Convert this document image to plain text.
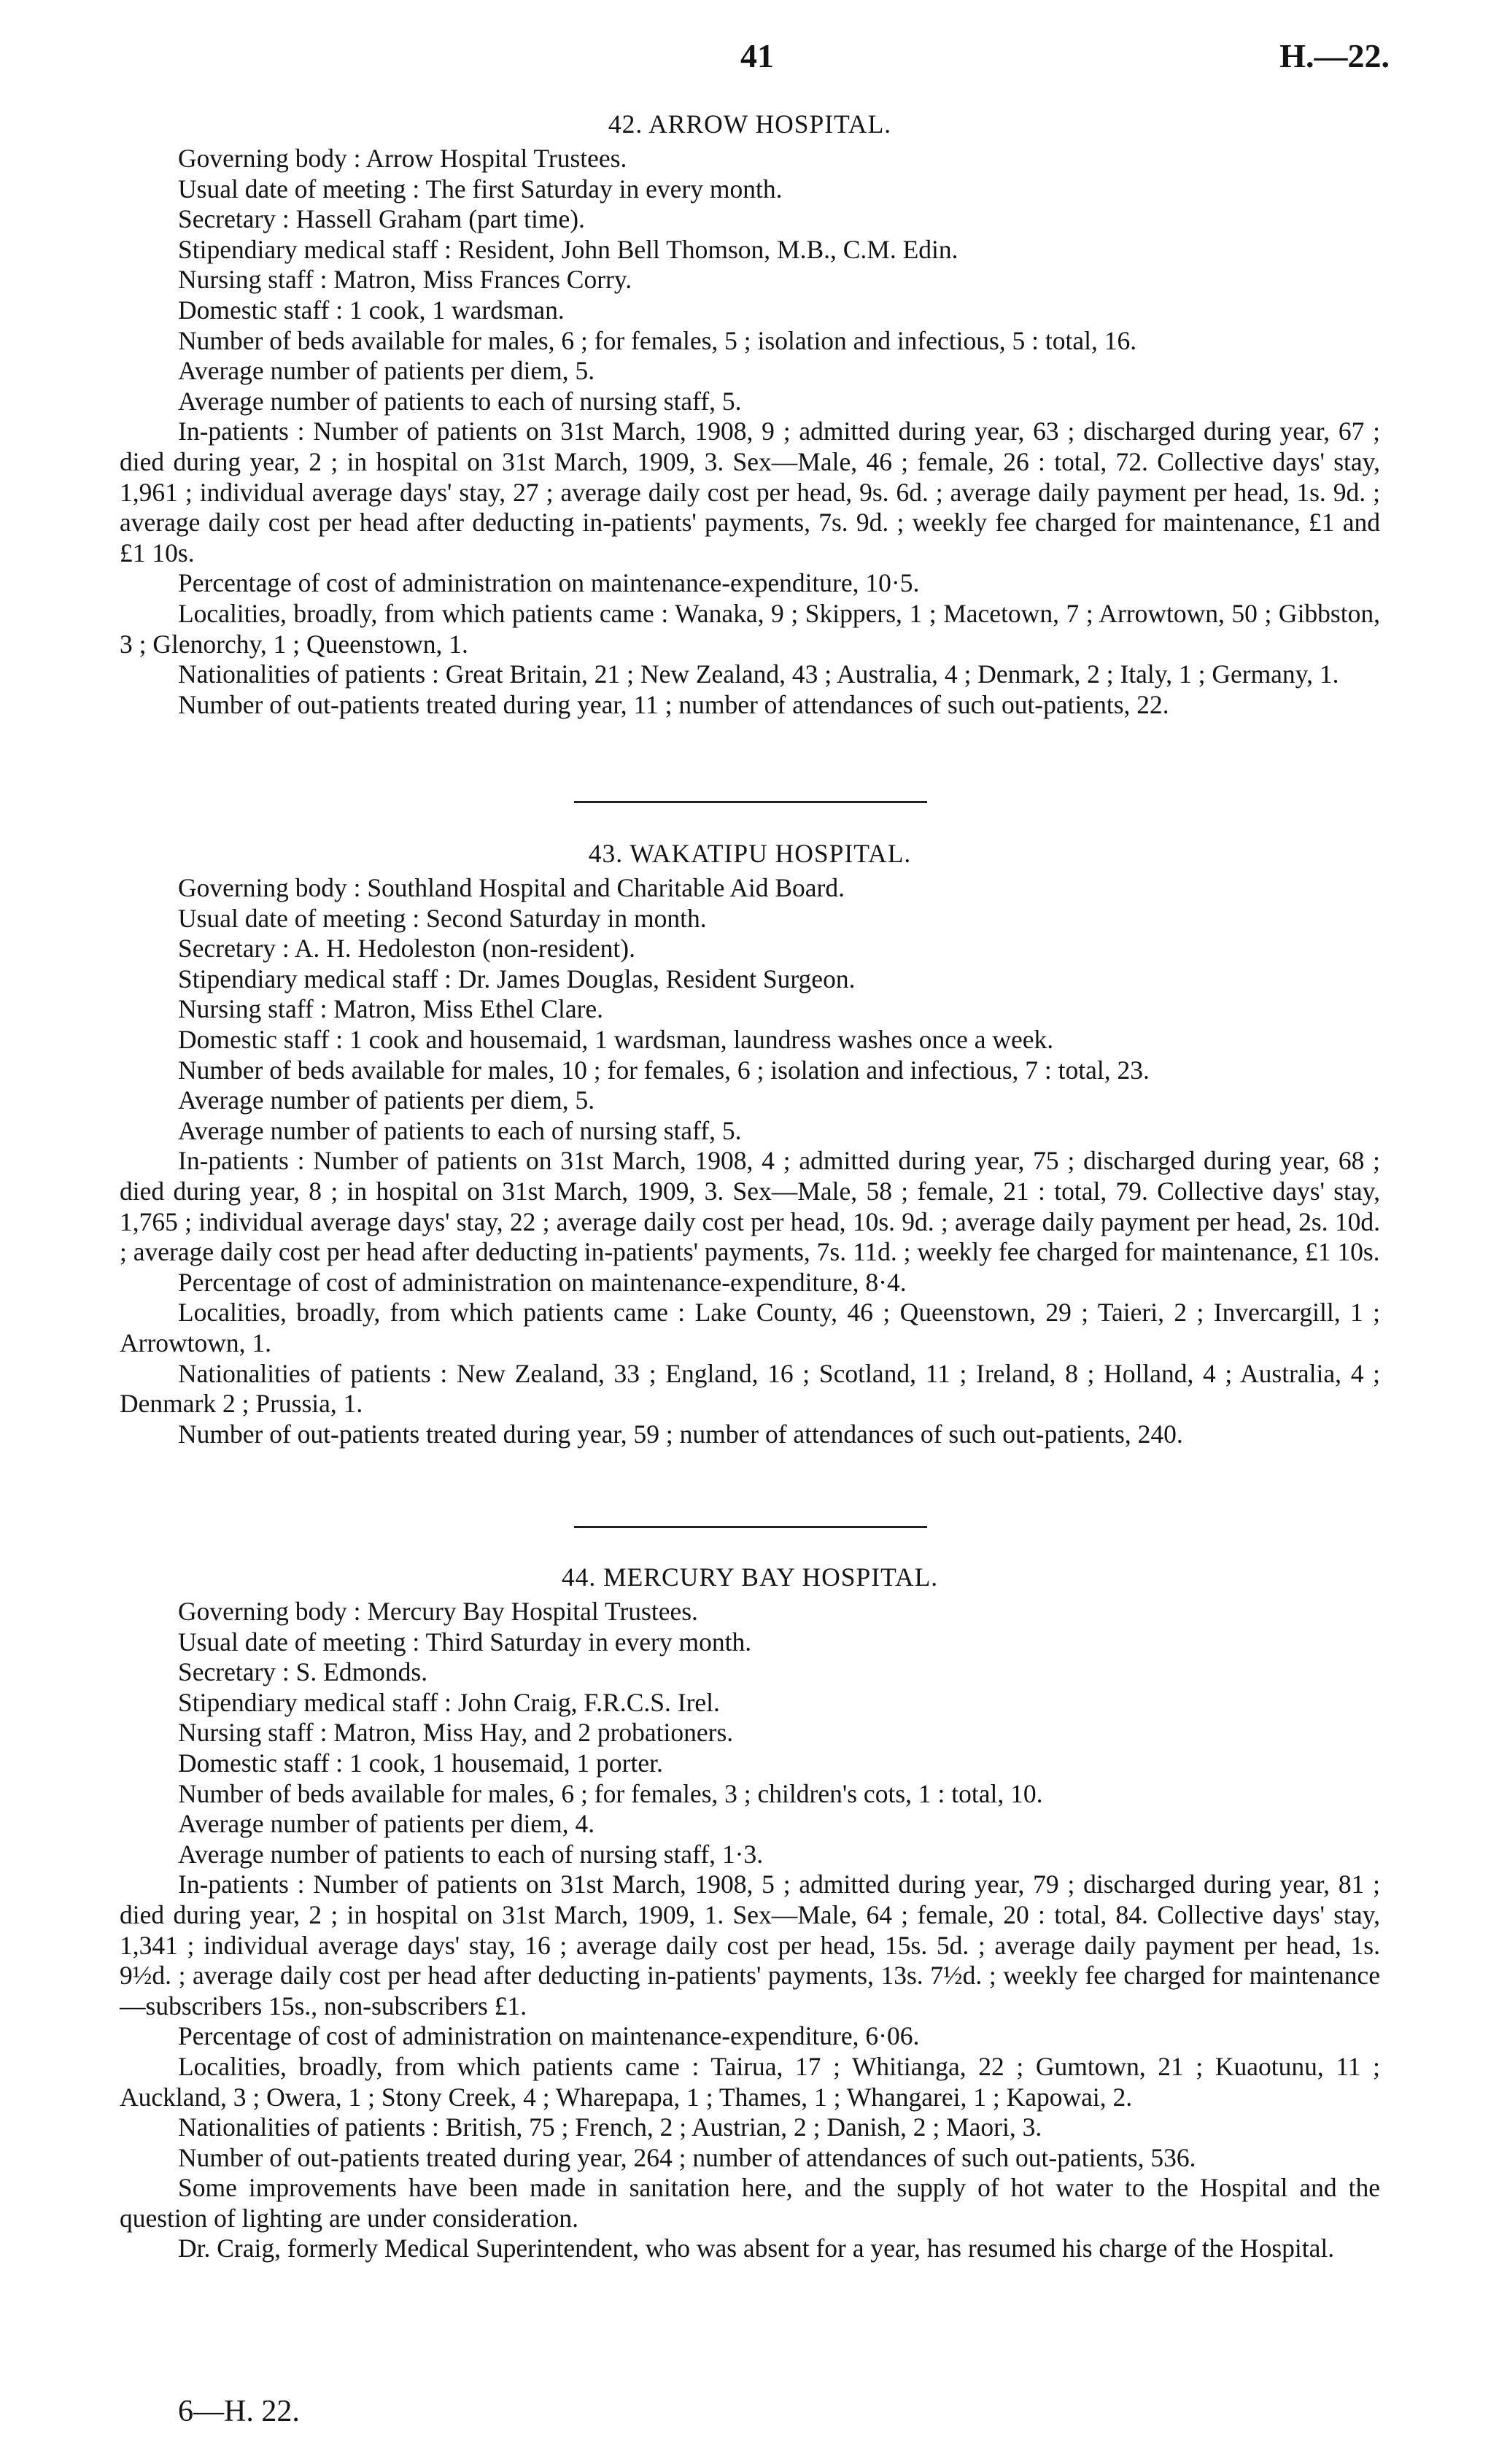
41	H.—22.
42. ARROW HOSPITAL.

Governing body : Arrow Hospital Trustees.

Usual date of meeting : The first Saturday in every month.

Secretary : Hassell Graham (part time).

Stipendiary medical staff : Resident, John Bell Thomson, M.B., C.M. Edin.

Nursing staff : Matron, Miss Frances Corry.

Domestic staff : 1 cook, 1 wardsman.

Number of beds available for males, 6 ; for females, 5 ; isolation and infectious, 5 : total, 16.

Average number of patients per diem, 5.

Average number of patients to each of nursing staff, 5.

In-patients : Number of patients on 31st March, 1908, 9 ; admitted during year, 63 ; discharged during year, 67 ; died during year, 2 ; in hospital on 31st March, 1909, 3. Sex—Male, 46 ; female, 26 : total, 72. Collective days' stay, 1,961 ; individual average days' stay, 27 ; average daily cost per head, 9s. 6d. ; average daily payment per head, 1s. 9d. ; average daily cost per head after deducting in-patients' payments, 7s. 9d. ; weekly fee charged for maintenance, £1 and £1 10s.

Percentage of cost of administration on maintenance-expenditure, 10·5.

Localities, broadly, from which patients came : Wanaka, 9 ; Skippers, 1 ; Macetown, 7 ; Arrowtown, 50 ; Gibbston, 3 ; Glenorchy, 1 ; Queenstown, 1.

Nationalities of patients : Great Britain, 21 ; New Zealand, 43 ; Australia, 4 ; Denmark, 2 ; Italy, 1 ; Germany, 1.

Number of out-patients treated during year, 11 ; number of attendances of such out-patients, 22.

43. WAKATIPU HOSPITAL.

Governing body : Southland Hospital and Charitable Aid Board.

Usual date of meeting : Second Saturday in month.

Secretary : A. H. Hedoleston (non-resident).

Stipendiary medical staff : Dr. James Douglas, Resident Surgeon.

Nursing staff : Matron, Miss Ethel Clare.

Domestic staff : 1 cook and housemaid, 1 wardsman, laundress washes once a week.

Number of beds available for males, 10 ; for females, 6 ; isolation and infectious, 7 : total, 23.

Average number of patients per diem, 5.

Average number of patients to each of nursing staff, 5.

In-patients : Number of patients on 31st March, 1908, 4 ; admitted during year, 75 ; discharged during year, 68 ; died during year, 8 ; in hospital on 31st March, 1909, 3. Sex—Male, 58 ; female, 21 : total, 79. Collective days' stay, 1,765 ; individual average days' stay, 22 ; average daily cost per head, 10s. 9d. ; average daily payment per head, 2s. 10d. ; average daily cost per head after deducting in-patients' payments, 7s. 11d. ; weekly fee charged for maintenance, £1 10s.

Percentage of cost of administration on maintenance-expenditure, 8·4.

Localities, broadly, from which patients came : Lake County, 46 ; Queenstown, 29 ; Taieri, 2 ; Invercargill, 1 ; Arrowtown, 1.

Nationalities of patients : New Zealand, 33 ; England, 16 ; Scotland, 11 ; Ireland, 8 ; Holland, 4 ; Australia, 4 ; Denmark 2 ; Prussia, 1.

Number of out-patients treated during year, 59 ; number of attendances of such out-patients, 240.

44. MERCURY BAY HOSPITAL.

Governing body : Mercury Bay Hospital Trustees.

Usual date of meeting : Third Saturday in every month.

Secretary : S. Edmonds.

Stipendiary medical staff : John Craig, F.R.C.S. Irel.

Nursing staff : Matron, Miss Hay, and 2 probationers.

Domestic staff : 1 cook, 1 housemaid, 1 porter.

Number of beds available for males, 6 ; for females, 3 ; children's cots, 1 : total, 10.

Average number of patients per diem, 4.

Average number of patients to each of nursing staff, 1·3.

In-patients : Number of patients on 31st March, 1908, 5 ; admitted during year, 79 ; discharged during year, 81 ; died during year, 2 ; in hospital on 31st March, 1909, 1. Sex—Male, 64 ; female, 20 : total, 84. Collective days' stay, 1,341 ; individual average days' stay, 16 ; average daily cost per head, 15s. 5d. ; average daily payment per head, 1s. 9½d. ; average daily cost per head after deducting in-patients' payments, 13s. 7½d. ; weekly fee charged for maintenance—subscribers 15s., non-subscribers £1.

Percentage of cost of administration on maintenance-expenditure, 6·06.

Localities, broadly, from which patients came : Tairua, 17 ; Whitianga, 22 ; Gumtown, 21 ; Kuaotunu, 11 ; Auckland, 3 ; Owera, 1 ; Stony Creek, 4 ; Wharepapa, 1 ; Thames, 1 ; Whangarei, 1 ; Kapowai, 2.

Nationalities of patients : British, 75 ; French, 2 ; Austrian, 2 ; Danish, 2 ; Maori, 3.

Number of out-patients treated during year, 264 ; number of attendances of such out-patients, 536.

Some improvements have been made in sanitation here, and the supply of hot water to the Hospital and the question of lighting are under consideration.

Dr. Craig, formerly Medical Superintendent, who was absent for a year, has resumed his charge of the Hospital.

6—H. 22.
